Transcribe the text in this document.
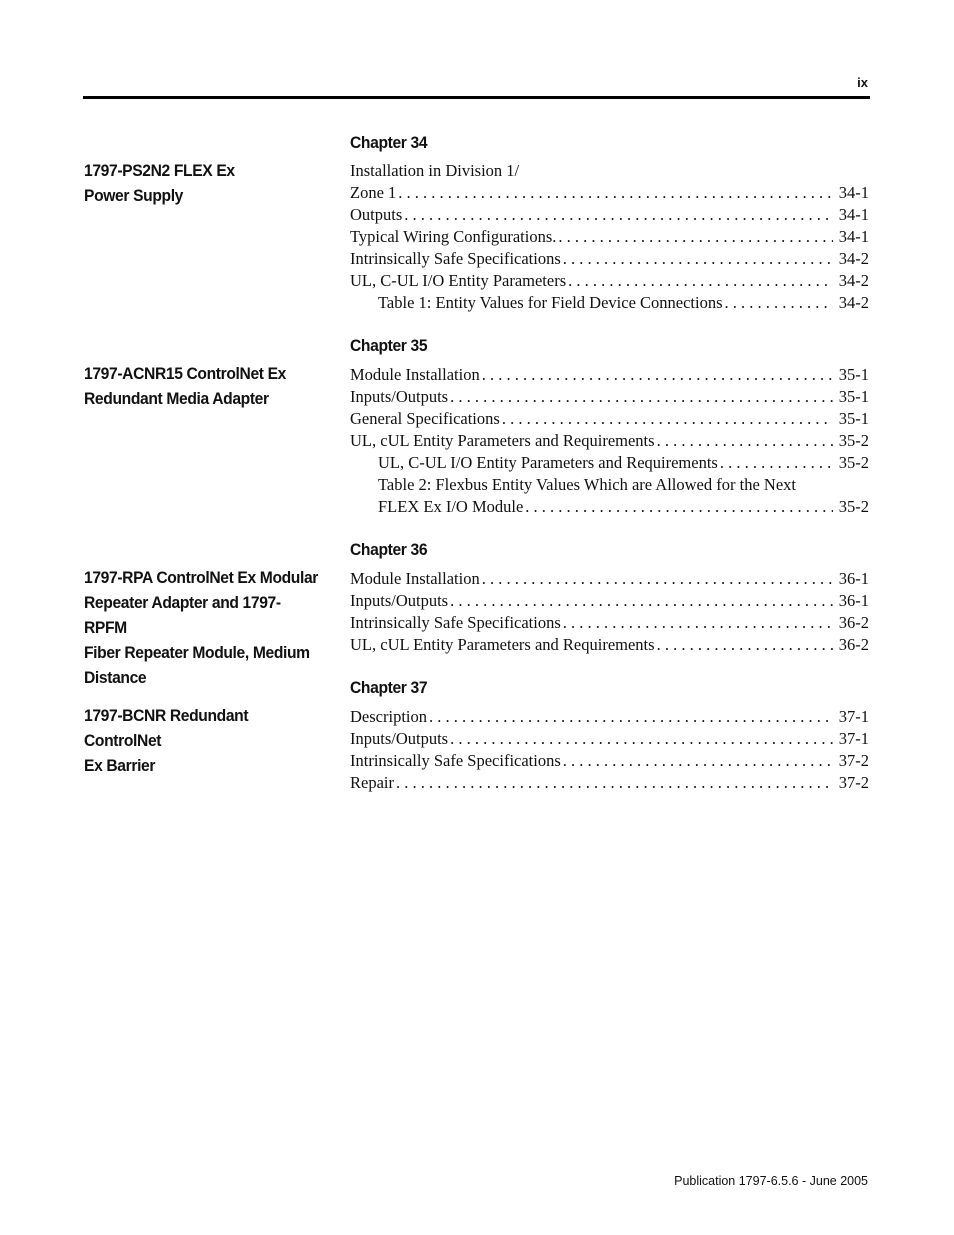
ix
Chapter 34
1797-PS2N2 FLEX Ex
Power Supply
Installation in Division 1/
Zone 1 . . .	34-1
Outputs . . .	34-1
Typical Wiring Configurations. . . .	34-1
Intrinsically Safe Specifications . . .	34-2
UL, C-UL I/O Entity Parameters . . .	34-2
Table 1: Entity Values for Field Device Connections . . .	34-2
Chapter 35
1797-ACNR15 ControlNet Ex
Redundant Media Adapter
Module Installation . . .	35-1
Inputs/Outputs . . .	35-1
General Specifications . . .	35-1
UL, cUL Entity Parameters and Requirements . . .	35-2
UL, C-UL I/O Entity Parameters and Requirements . . .	35-2
Table 2: Flexbus Entity Values Which are Allowed for the Next
FLEX Ex I/O Module . . .	35-2
Chapter 36
1797-RPA ControlNet Ex Modular
Repeater Adapter and 1797-RPFM
Fiber Repeater Module, Medium
Distance
Module Installation . . .	36-1
Inputs/Outputs . . .	36-1
Intrinsically Safe Specifications . . .	36-2
UL, cUL Entity Parameters and Requirements . . .	36-2
Chapter 37
1797-BCNR Redundant ControlNet
Ex Barrier
Description . . .	37-1
Inputs/Outputs . . .	37-1
Intrinsically Safe Specifications . . .	37-2
Repair . . .	37-2
Publication 1797-6.5.6 - June 2005
